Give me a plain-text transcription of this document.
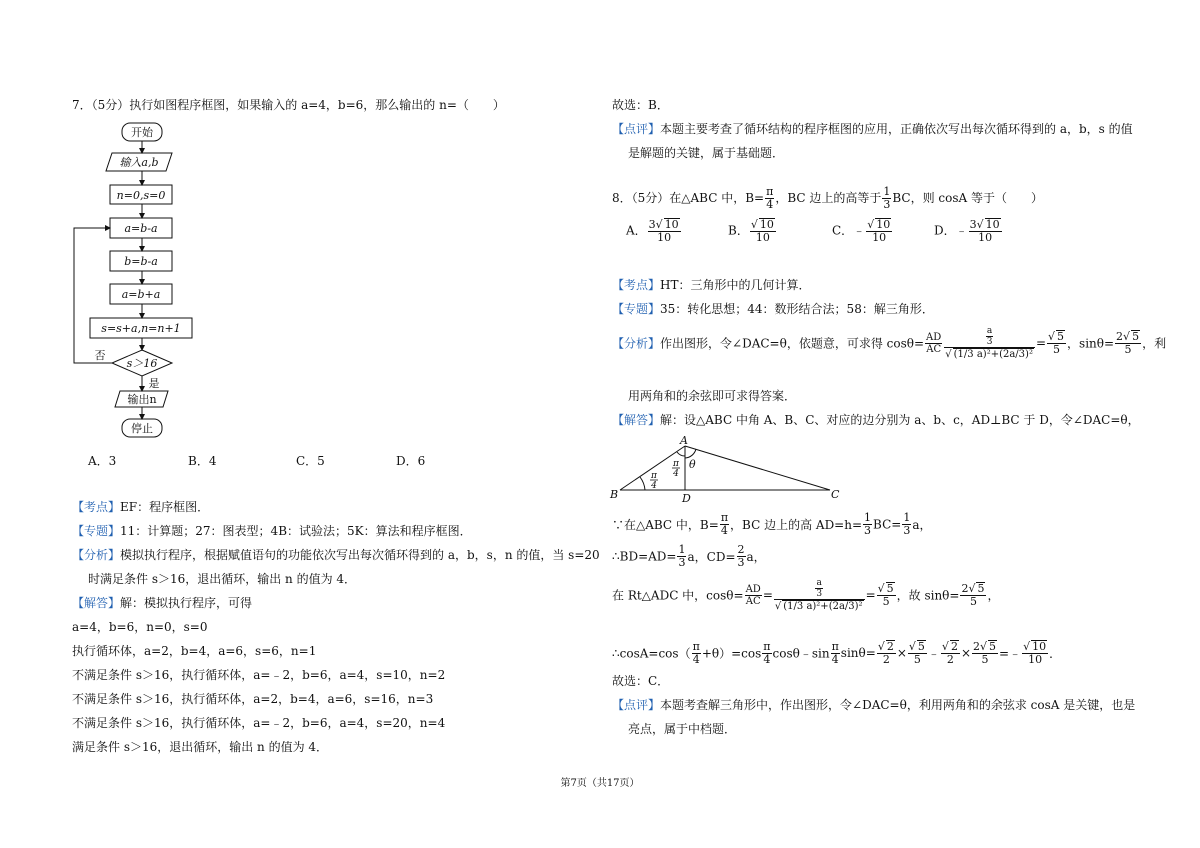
7．（5分）执行如图程序框图，如果输入的 a=4，b=6，那么输出的 n=（　　）
开始
输入a,b
n=0,s=0
a=b-a
b=b-a
a=b+a
s=s+a,n=n+1
s＞16
否
是
输出n
停止
A．3	B．4	C．5	D．6
【考点】EF：程序框图．
【专题】11：计算题；27：图表型；4B：试验法；5K：算法和程序框图．
【分析】模拟执行程序，根据赋值语句的功能依次写出每次循环得到的 a，b，s，n 的值，当 s=20
时满足条件 s＞16，退出循环，输出 n 的值为 4．
【解答】解：模拟执行程序，可得
a=4，b=6，n=0，s=0
执行循环体，a=2，b=4，a=6，s=6，n=1
不满足条件 s＞16，执行循环体，a=﹣2，b=6，a=4，s=10，n=2
不满足条件 s＞16，执行循环体，a=2，b=4，a=6，s=16，n=3
不满足条件 s＞16，执行循环体，a=﹣2，b=6，a=4，s=20，n=4
满足条件 s＞16，退出循环，输出 n 的值为 4．
故选：B．
【点评】本题主要考查了循环结构的程序框图的应用，正确依次写出每次循环得到的 a，b，s 的值
是解题的关键，属于基础题．
8．（5分）在△ABC 中，$B= \frac{\pi}{4}$ ，BC 边上的高等于 $\frac{1}{3}$ BC，则 cosA 等于（　　）
A． $\frac{3√ 10}{10}$	B． $\frac{√ 10}{10}$	C．﹣ $\frac{√ 10}{10}$	D．﹣ $\frac{3√ 10}{10}$
【考点】HT：三角形中的几何计算．
【专题】35：转化思想；44：数形结合法；58：解三角形．
【分析】作出图形，令∠DAC=θ，依题意，可求得 $\cos\theta= \frac{AD}{AC} \frac{\frac{a}{3}}{\text{√ (1/3 a)²+(2a/3)²}} = \frac{√ 5}{5}$ ，$\sin\theta= \frac{2√ 5}{5}$ ，利
用两角和的余弦即可求得答案．
【解答】解：设△ABC 中角 A、B、C、对应的边分别为 a、b、c，AD⊥BC 于 D，令∠DAC=θ，
A
B	C
D
θ
π
4
π
4
∵在△ABC 中，$B= \frac{\pi}{4}$ ，BC 边上的高 $AD=h= \frac{1}{3} BC= \frac{1}{3}$ a，
∴BD=AD= $\frac{1}{3}$ a，$CD= \frac{2}{3}$ a，
在 Rt△ADC 中，$\cos\theta= \frac{AD}{AC} = \frac{\frac{a}{3}}{\text{√ (1/3 a)²+(2a/3)²}} = \frac{√ 5}{5}$ ，故 $\sin\theta= \frac{2√ 5}{5}$ ，
∴cosA=cos（ $\frac{\pi}{4} +\theta)=\cos \frac{\pi}{4}$ cosθ﹣sin $\frac{\pi}{4} \sin\theta= \frac{√ 2}{2} \times \frac{√ 5}{5}$ ﹣ $\frac{√ 2}{2} \times \frac{2√ 5}{5}$ =﹣ $\frac{√ 10}{10}$ ．
故选：C．
【点评】本题考查解三角形中，作出图形，令∠DAC=θ，利用两角和的余弦求 cosA 是关键，也是
亮点，属于中档题．
第7页（共17页）
